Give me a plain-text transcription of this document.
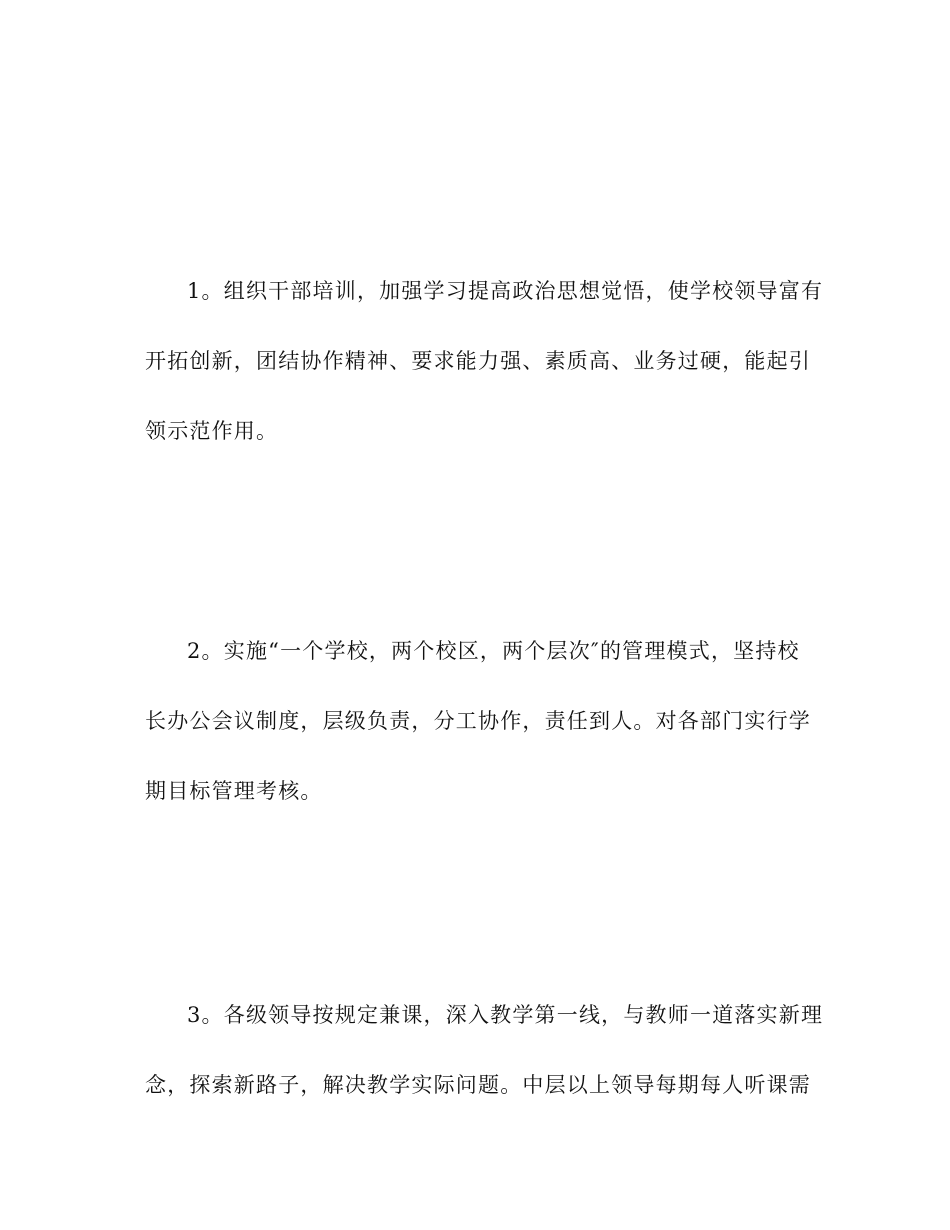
1。组织干部培训，加强学习提高政治思想觉悟，使学校领导富有
开拓创新，团结协作精神、要求能力强、素质高、业务过硬，能起引
领示范作用。
2。实施“一个学校，两个校区，两个层次″的管理模式，坚持校
长办公会议制度，层级负责，分工协作，责任到人。对各部门实行学
期目标管理考核。
3。各级领导按规定兼课，深入教学第一线，与教师一道落实新理
念，探索新路子，解决教学实际问题。中层以上领导每期每人听课需
